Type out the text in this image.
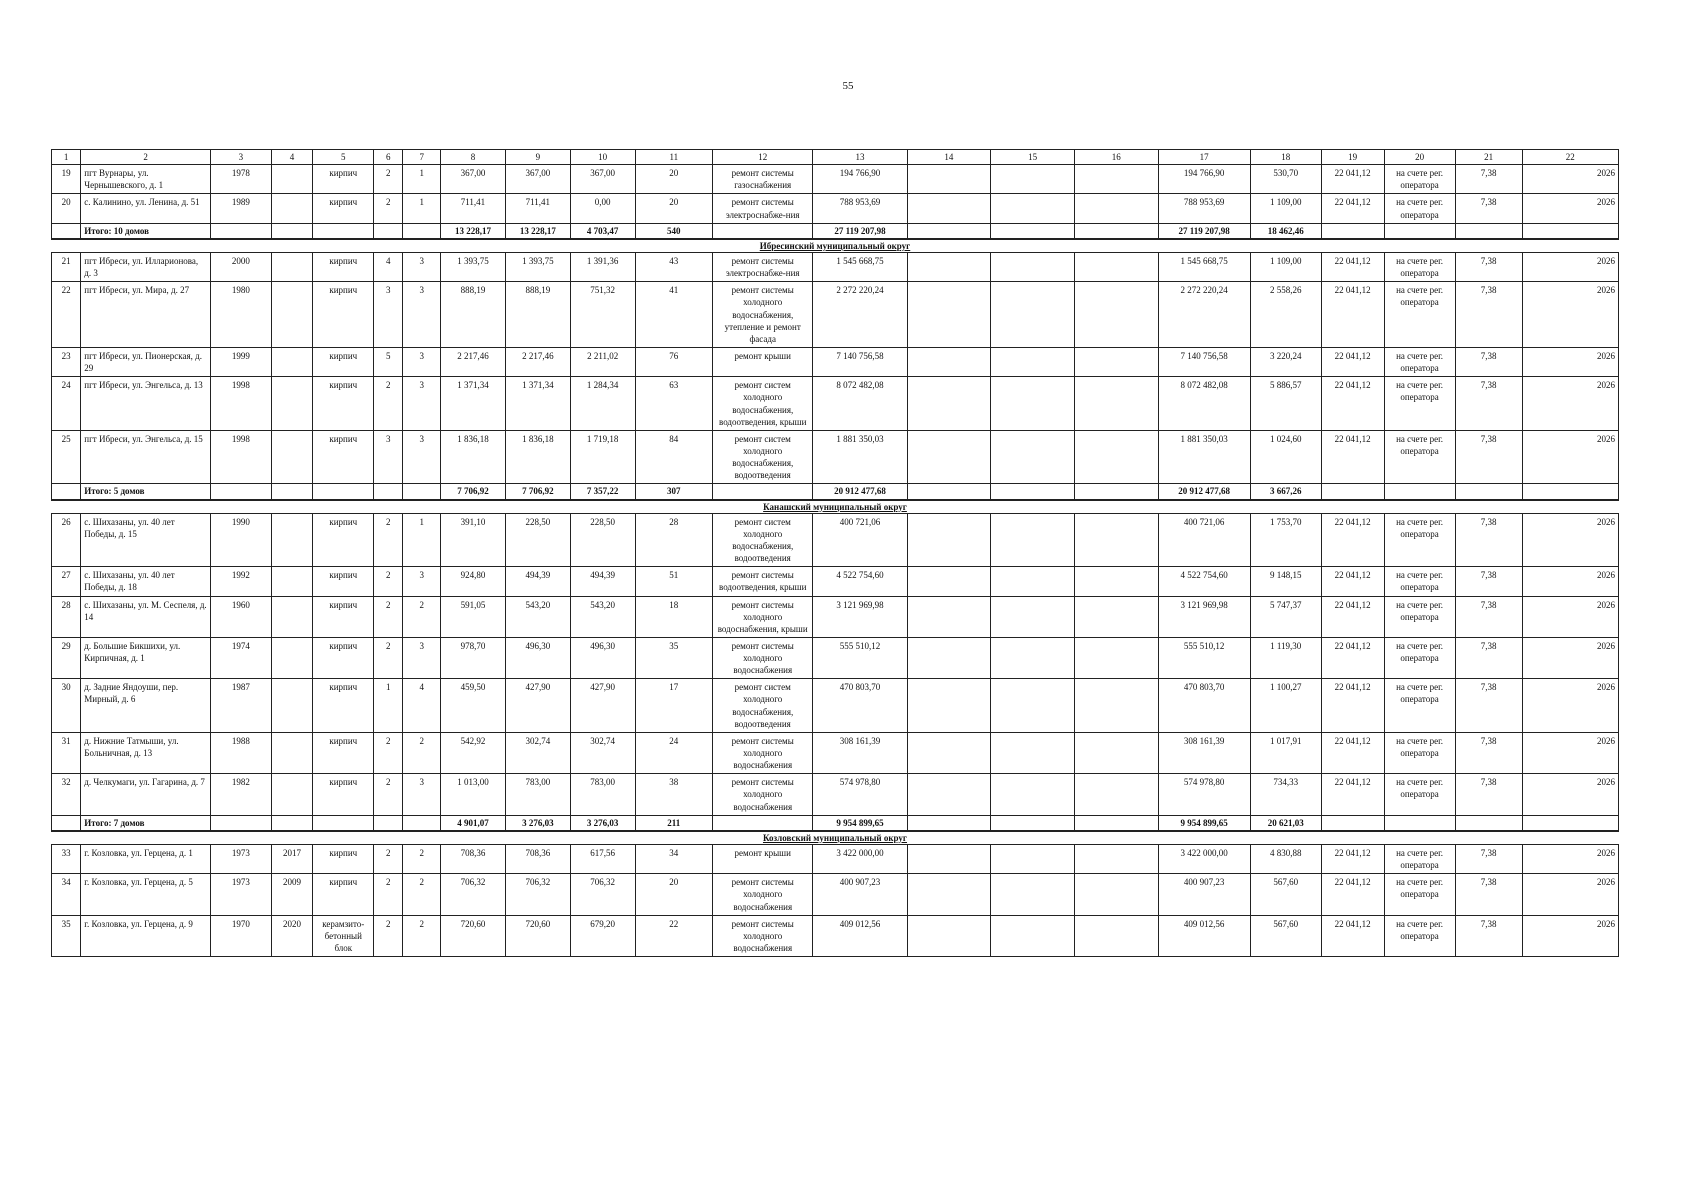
55
1	2	3	4	5	6	7	8	9	10	11	12	13	14	15	16	17	18	19	20	21	22
19	пгт Вурнары, ул. Чернышевского, д. 1	1978		кирпич	2	1	367,00	367,00	367,00	20	ремонт системы газоснабжения	194 766,90				194 766,90	530,70	22 041,12	на счете рег. оператора	7,38	2026
20	с. Калинино, ул. Ленина, д. 51	1989		кирпич	2	1	711,41	711,41	0,00	20	ремонт системы электроснабже-ния	788 953,69				788 953,69	1 109,00	22 041,12	на счете рег. оператора	7,38	2026
	Итого: 10 домов						13 228,17	13 228,17	4 703,47	540		27 119 207,98				27 119 207,98	18 462,46				
Ибресинский муниципальный округ																					
21	пгт Ибреси, ул. Илларионова, д. 3	2000		кирпич	4	3	1 393,75	1 393,75	1 391,36	43	ремонт системы электроснабже-ния	1 545 668,75				1 545 668,75	1 109,00	22 041,12	на счете рег. оператора	7,38	2026
22	пгт Ибреси, ул. Мира, д. 27	1980		кирпич	3	3	888,19	888,19	751,32	41	ремонт системы холодного водоснабжения, утепление и ремонт фасада	2 272 220,24				2 272 220,24	2 558,26	22 041,12	на счете рег. оператора	7,38	2026
23	пгт Ибреси, ул. Пионерская, д. 29	1999		кирпич	5	3	2 217,46	2 217,46	2 211,02	76	ремонт крыши	7 140 756,58				7 140 756,58	3 220,24	22 041,12	на счете рег. оператора	7,38	2026
24	пгт Ибреси, ул. Энгельса, д. 13	1998		кирпич	2	3	1 371,34	1 371,34	1 284,34	63	ремонт систем холодного водоснабжения, водоотведения, крыши	8 072 482,08				8 072 482,08	5 886,57	22 041,12	на счете рег. оператора	7,38	2026
25	пгт Ибреси, ул. Энгельса, д. 15	1998		кирпич	3	3	1 836,18	1 836,18	1 719,18	84	ремонт систем холодного водоснабжения, водоотведения	1 881 350,03				1 881 350,03	1 024,60	22 041,12	на счете рег. оператора	7,38	2026
	Итого: 5 домов						7 706,92	7 706,92	7 357,22	307		20 912 477,68				20 912 477,68	3 667,26				
Канашский муниципальный округ																					
26	с. Шихазаны, ул. 40 лет Победы, д. 15	1990		кирпич	2	1	391,10	228,50	228,50	28	ремонт систем холодного водоснабжения, водоотведения	400 721,06				400 721,06	1 753,70	22 041,12	на счете рег. оператора	7,38	2026
27	с. Шихазаны, ул. 40 лет Победы, д. 18	1992		кирпич	2	3	924,80	494,39	494,39	51	ремонт системы водоотведения, крыши	4 522 754,60				4 522 754,60	9 148,15	22 041,12	на счете рег. оператора	7,38	2026
28	с. Шихазаны, ул. М. Сеспеля, д. 14	1960		кирпич	2	2	591,05	543,20	543,20	18	ремонт системы холодного водоснабжения, крыши	3 121 969,98				3 121 969,98	5 747,37	22 041,12	на счете рег. оператора	7,38	2026
29	д. Большие Бикшихи, ул. Кирпичная, д. 1	1974		кирпич	2	3	978,70	496,30	496,30	35	ремонт системы холодного водоснабжения	555 510,12				555 510,12	1 119,30	22 041,12	на счете рег. оператора	7,38	2026
30	д. Задние Яндоуши, пер. Мирный, д. 6	1987		кирпич	1	4	459,50	427,90	427,90	17	ремонт систем холодного водоснабжения, водоотведения	470 803,70				470 803,70	1 100,27	22 041,12	на счете рег. оператора	7,38	2026
31	д. Нижние Татмыши, ул. Больничная, д. 13	1988		кирпич	2	2	542,92	302,74	302,74	24	ремонт системы холодного водоснабжения	308 161,39				308 161,39	1 017,91	22 041,12	на счете рег. оператора	7,38	2026
32	д. Челкумаги, ул. Гагарина, д. 7	1982		кирпич	2	3	1 013,00	783,00	783,00	38	ремонт системы холодного водоснабжения	574 978,80				574 978,80	734,33	22 041,12	на счете рег. оператора	7,38	2026
	Итого: 7 домов						4 901,07	3 276,03	3 276,03	211		9 954 899,65				9 954 899,65	20 621,03				
Козловский муниципальный округ																					
33	г. Козловка, ул. Герцена, д. 1	1973	2017	кирпич	2	2	708,36	708,36	617,56	34	ремонт крыши	3 422 000,00				3 422 000,00	4 830,88	22 041,12	на счете рег. оператора	7,38	2026
34	г. Козловка, ул. Герцена, д. 5	1973	2009	кирпич	2	2	706,32	706,32	706,32	20	ремонт системы холодного водоснабжения	400 907,23				400 907,23	567,60	22 041,12	на счете рег. оператора	7,38	2026
35	г. Козловка, ул. Герцена, д. 9	1970	2020	керамзито-бетонный блок	2	2	720,60	720,60	679,20	22	ремонт системы холодного водоснабжения	409 012,56				409 012,56	567,60	22 041,12	на счете рег. оператора	7,38	2026
